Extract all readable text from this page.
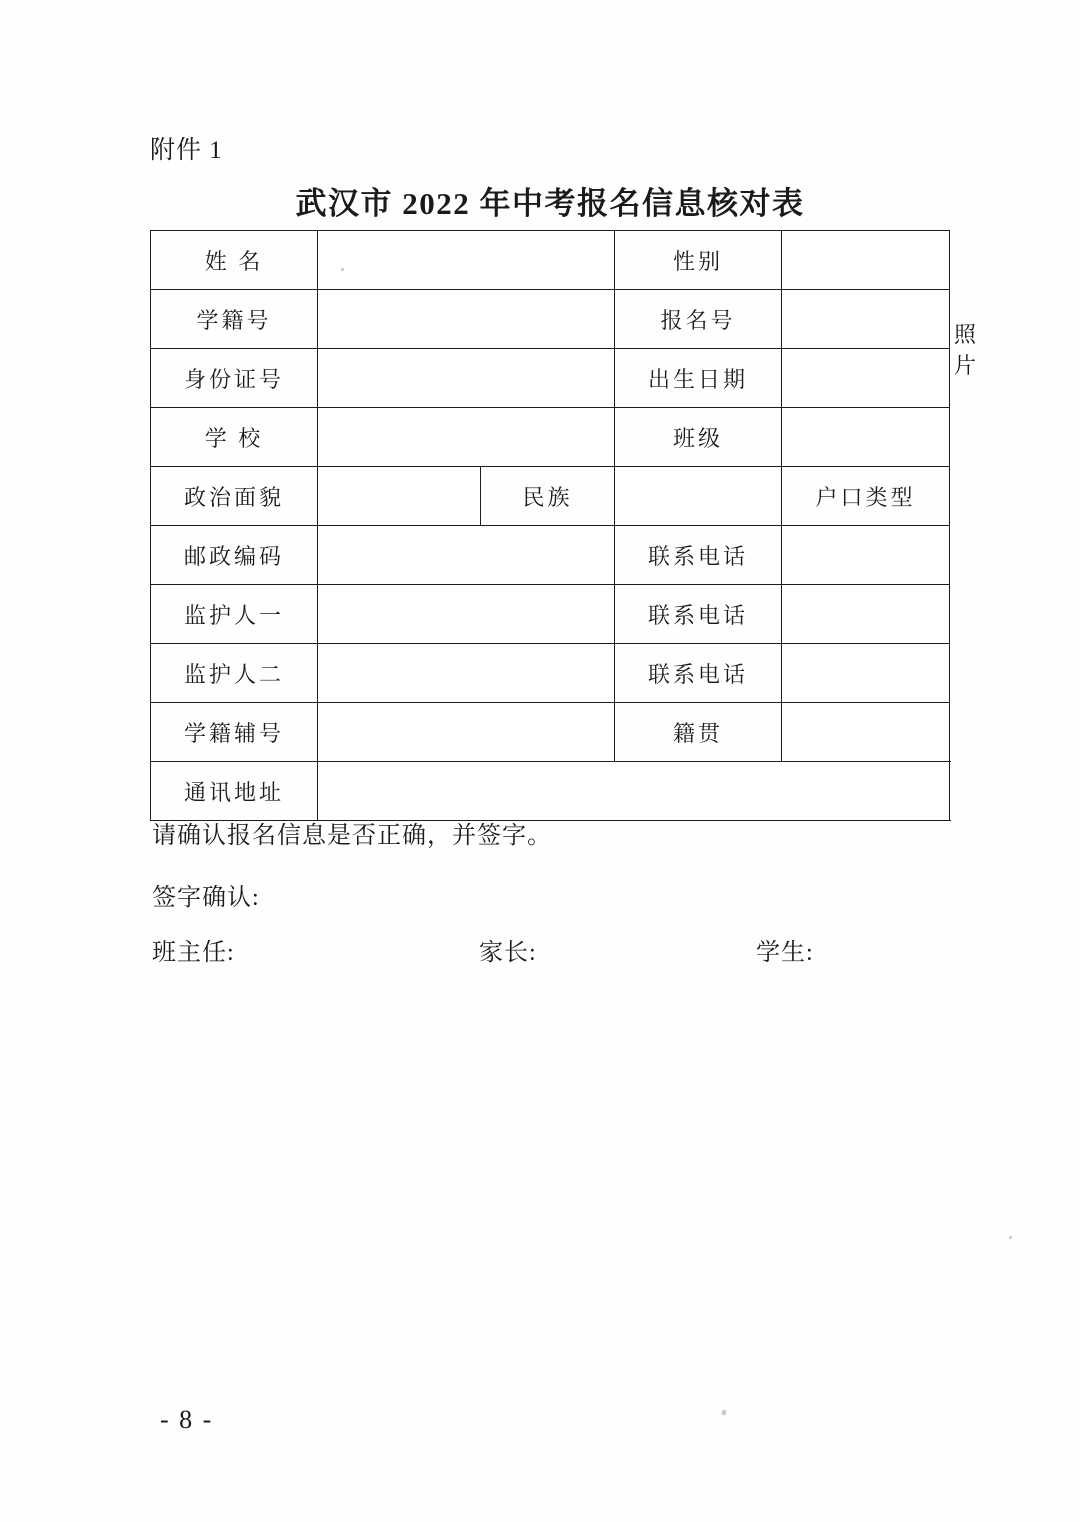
附件 1
武汉市 2022 年中考报名信息核对表
姓 名			性别		照片
学籍号			报名号		
身份证号			出生日期		
学 校			班级		
政治面貌		民族		户口类型	
邮政编码			联系电话		
监护人一			联系电话		
监护人二			联系电话		
学籍辅号			籍贯		
通讯地址					
请确认报名信息是否正确，并签字。
签字确认:
班主任:	家长:	学生:
- 8 -
